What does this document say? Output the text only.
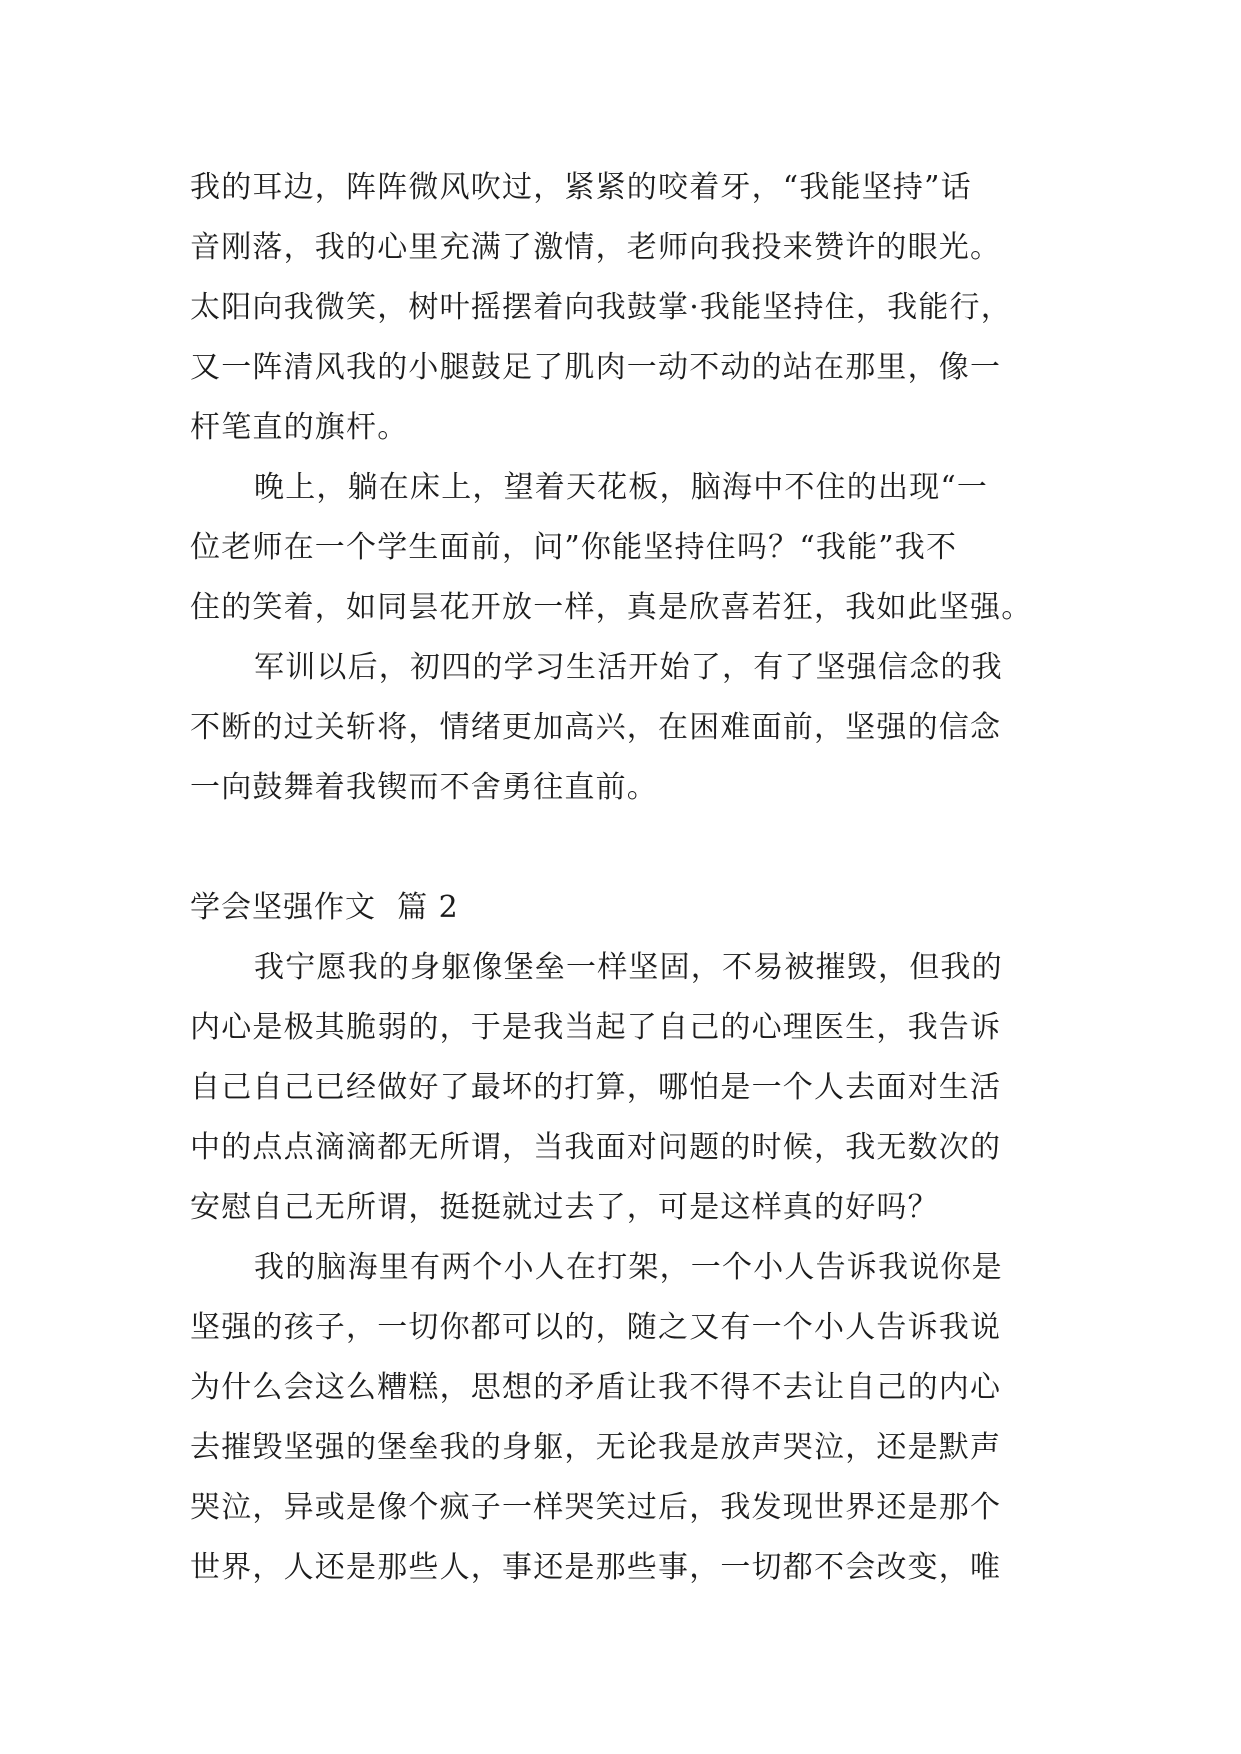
我的耳边，阵阵微风吹过，紧紧的咬着牙，“我能坚持”话
音刚落，我的心里充满了激情，老师向我投来赞许的眼光。
太阳向我微笑，树叶摇摆着向我鼓掌·我能坚持住，我能行，
又一阵清风我的小腿鼓足了肌肉一动不动的站在那里，像一
杆笔直的旗杆。
晚上，躺在床上，望着天花板，脑海中不住的出现“一
位老师在一个学生面前，问”你能坚持住吗？“我能”我不
住的笑着，如同昙花开放一样，真是欣喜若狂，我如此坚强。
军训以后，初四的学习生活开始了，有了坚强信念的我
不断的过关斩将，情绪更加高兴，在困难面前，坚强的信念
一向鼓舞着我锲而不舍勇往直前。
学会坚强作文  篇 2
我宁愿我的身躯像堡垒一样坚固，不易被摧毁，但我的
内心是极其脆弱的，于是我当起了自己的心理医生，我告诉
自己自己已经做好了最坏的打算，哪怕是一个人去面对生活
中的点点滴滴都无所谓，当我面对问题的时候，我无数次的
安慰自己无所谓，挺挺就过去了，可是这样真的好吗？
我的脑海里有两个小人在打架，一个小人告诉我说你是
坚强的孩子，一切你都可以的，随之又有一个小人告诉我说
为什么会这么糟糕，思想的矛盾让我不得不去让自己的内心
去摧毁坚强的堡垒我的身躯，无论我是放声哭泣，还是默声
哭泣，异或是像个疯子一样哭笑过后，我发现世界还是那个
世界，人还是那些人，事还是那些事，一切都不会改变，唯
